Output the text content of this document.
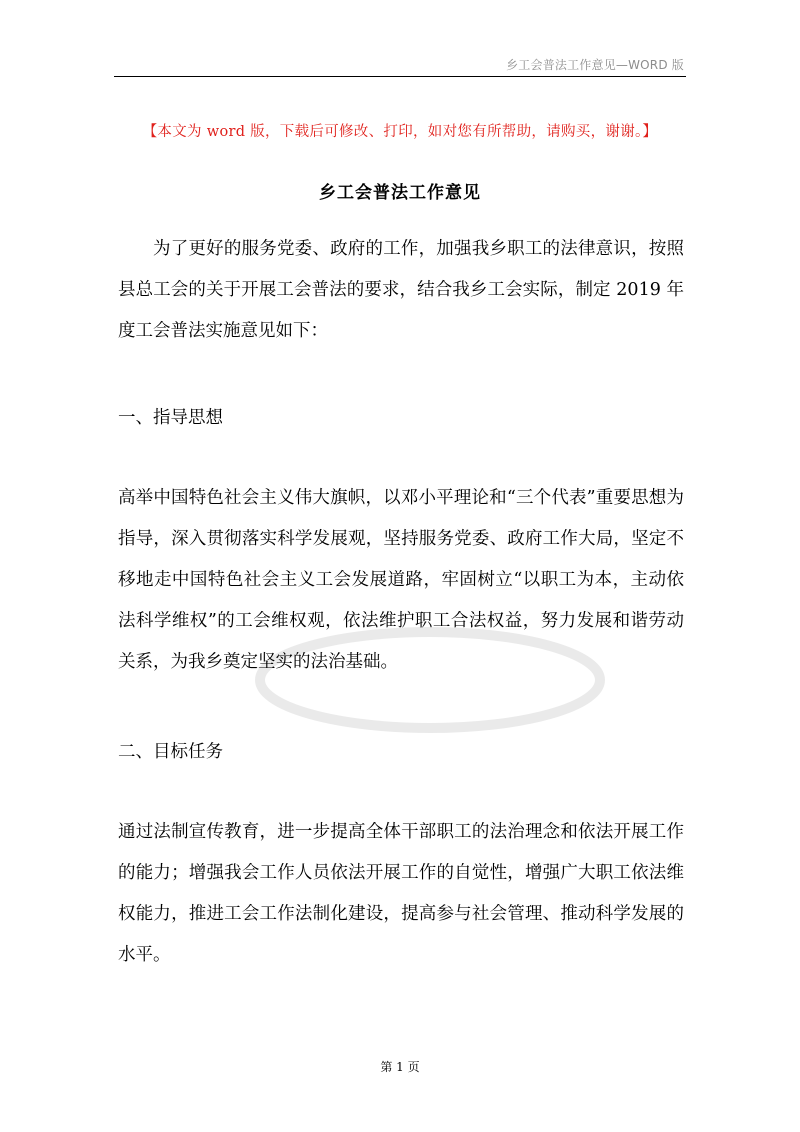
乡工会普法工作意见—WORD 版
【本文为 word 版，下载后可修改、打印，如对您有所帮助，请购买，谢谢。】
乡工会普法工作意见
为了更好的服务党委、政府的工作，加强我乡职工的法律意识，按照县总工会的关于开展工会普法的要求，结合我乡工会实际，制定 2019 年度工会普法实施意见如下：
一、指导思想
高举中国特色社会主义伟大旗帜，以邓小平理论和“三个代表”重要思想为指导，深入贯彻落实科学发展观，坚持服务党委、政府工作大局，坚定不移地走中国特色社会主义工会发展道路，牢固树立“以职工为本，主动依法科学维权”的工会维权观，依法维护职工合法权益，努力发展和谐劳动关系，为我乡奠定坚实的法治基础。
二、目标任务
通过法制宣传教育，进一步提高全体干部职工的法治理念和依法开展工作的能力；增强我会工作人员依法开展工作的自觉性，增强广大职工依法维权能力，推进工会工作法制化建设，提高参与社会管理、推动科学发展的水平。
第 1 页
